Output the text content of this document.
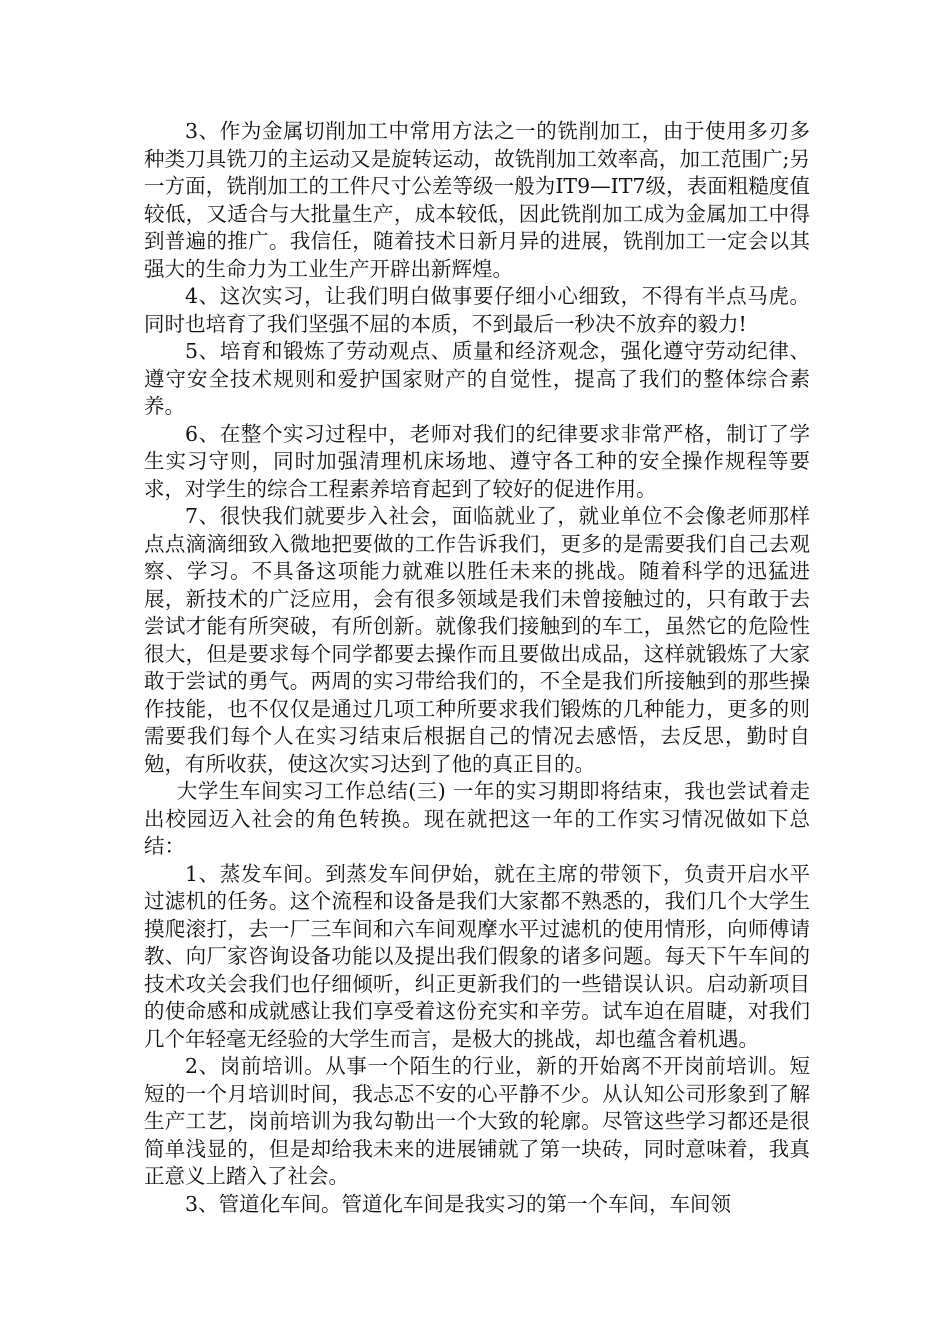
3、作为金属切削加工中常用方法之一的铣削加工，由于使用多刃多种类刀具铣刀的主运动又是旋转运动，故铣削加工效率高，加工范围广;另一方面，铣削加工的工件尺寸公差等级一般为IT9—IT7级，表面粗糙度值较低，又适合与大批量生产，成本较低，因此铣削加工成为金属加工中得到普遍的推广。我信任，随着技术日新月异的进展，铣削加工一定会以其强大的生命力为工业生产开辟出新辉煌。

4、这次实习，让我们明白做事要仔细小心细致，不得有半点马虎。同时也培育了我们坚强不屈的本质，不到最后一秒决不放弃的毅力!

5、培育和锻炼了劳动观点、质量和经济观念，强化遵守劳动纪律、遵守安全技术规则和爱护国家财产的自觉性，提高了我们的整体综合素养。

6、在整个实习过程中，老师对我们的纪律要求非常严格，制订了学生实习守则，同时加强清理机床场地、遵守各工种的安全操作规程等要求，对学生的综合工程素养培育起到了较好的促进作用。

7、很快我们就要步入社会，面临就业了，就业单位不会像老师那样点点滴滴细致入微地把要做的工作告诉我们，更多的是需要我们自己去观察、学习。不具备这项能力就难以胜任未来的挑战。随着科学的迅猛进展，新技术的广泛应用，会有很多领域是我们未曾接触过的，只有敢于去尝试才能有所突破，有所创新。就像我们接触到的车工，虽然它的危险性很大，但是要求每个同学都要去操作而且要做出成品，这样就锻炼了大家敢于尝试的勇气。两周的实习带给我们的，不全是我们所接触到的那些操作技能，也不仅仅是通过几项工种所要求我们锻炼的几种能力，更多的则需要我们每个人在实习结束后根据自己的情况去感悟，去反思，勤时自勉，有所收获，使这次实习达到了他的真正目的。

大学生车间实习工作总结(三) 一年的实习期即将结束，我也尝试着走出校园迈入社会的角色转换。现在就把这一年的工作实习情况做如下总结：

1、蒸发车间。到蒸发车间伊始，就在主席的带领下，负责开启水平过滤机的任务。这个流程和设备是我们大家都不熟悉的，我们几个大学生摸爬滚打，去一厂三车间和六车间观摩水平过滤机的使用情形，向师傅请教、向厂家咨询设备功能以及提出我们假象的诸多问题。每天下午车间的技术攻关会我们也仔细倾听，纠正更新我们的一些错误认识。启动新项目的使命感和成就感让我们享受着这份充实和辛劳。试车迫在眉睫，对我们几个年轻毫无经验的大学生而言，是极大的挑战，却也蕴含着机遇。

2、岗前培训。从事一个陌生的行业，新的开始离不开岗前培训。短短的一个月培训时间，我忐忑不安的心平静不少。从认知公司形象到了解生产工艺，岗前培训为我勾勒出一个大致的轮廓。尽管这些学习都还是很简单浅显的，但是却给我未来的进展铺就了第一块砖，同时意味着，我真正意义上踏入了社会。

3、管道化车间。管道化车间是我实习的第一个车间，车间领
